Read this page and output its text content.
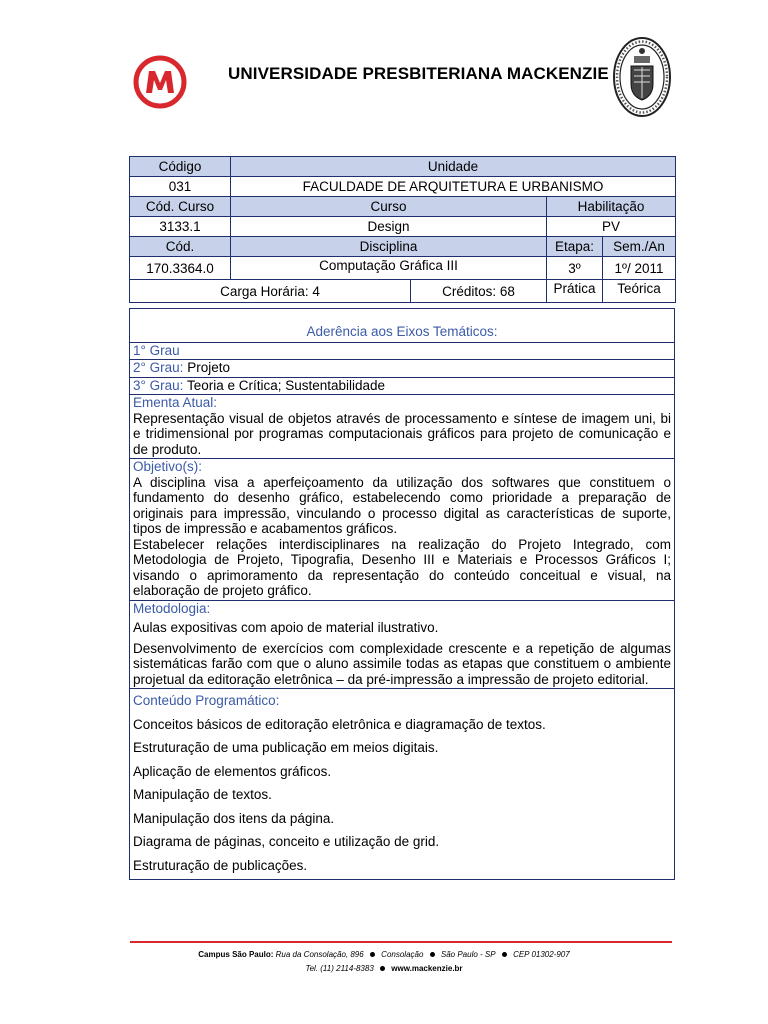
UNIVERSIDADE PRESBITERIANA MACKENZIE
Código	Unidade			
031	FACULDADE DE ARQUITETURA E URBANISMO			
Cód. Curso	Curso		Habilitação	
3133.1	Design		PV	
Cód.	Disciplina		Etapa:	Sem./An
170.3364.0	Computação Gráfica III		3º	1º/ 2011
Carga Horária: 4		Créditos: 68	Prática	Teórica
Aderência aos Eixos Temáticos:
1° Grau
2° Grau: Projeto
3° Grau: Teoria e Crítica; Sustentabilidade
Ementa Atual:
Representação visual de objetos através de processamento e síntese de imagem uni, bi e tridimensional por programas computacionais gráficos para projeto de comunicação e de produto.
Objetivo(s):
A disciplina visa a aperfeiçoamento da utilização dos softwares que constituem o fundamento do desenho gráfico, estabelecendo como prioridade a preparação de originais para impressão, vinculando o processo digital as características de suporte, tipos de impressão e acabamentos gráficos.
Estabelecer relações interdisciplinares na realização do Projeto Integrado, com Metodologia de Projeto, Tipografia, Desenho III e Materiais e Processos Gráficos I; visando o aprimoramento da representação do conteúdo conceitual e visual, na elaboração de projeto gráfico.
Metodologia:
Aulas expositivas com apoio de material ilustrativo.
Desenvolvimento de exercícios com complexidade crescente e a repetição de algumas sistemáticas farão com que o aluno assimile todas as etapas que constituem o ambiente projetual da editoração eletrônica – da pré-impressão a impressão de projeto editorial.
Conteúdo Programático:
Conceitos básicos de editoração eletrônica e diagramação de textos.
Estruturação de uma publicação em meios digitais.
Aplicação de elementos gráficos.
Manipulação de textos.
Manipulação dos itens da página.
Diagrama de páginas, conceito e utilização de grid.
Estruturação de publicações.
Campus São Paulo: Rua da Consolação, 896 Consolação São Paulo - SP CEP 01302-907
Tel. (11) 2114-8383 www.mackenzie.br
